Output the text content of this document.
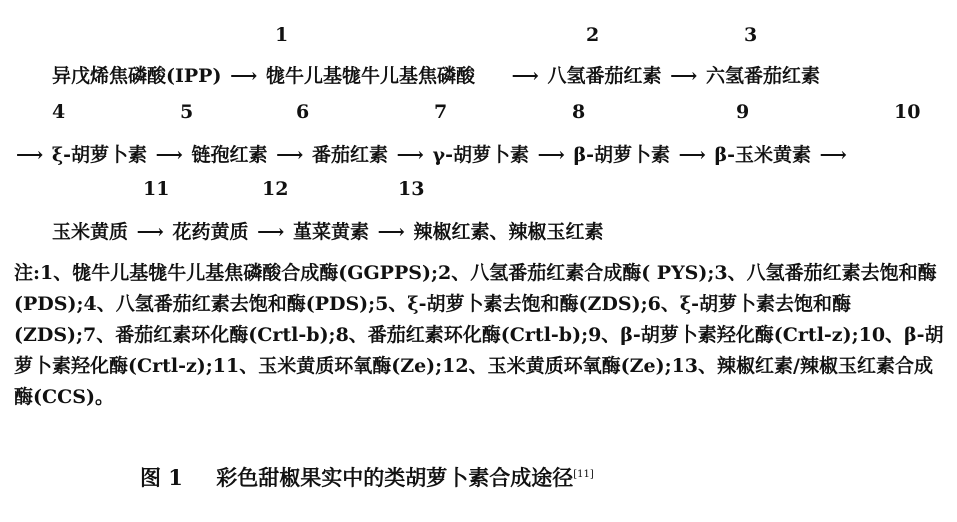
1	2	3
异戊烯焦磷酸(IPP) ⟶ 牻牛儿基牻牛儿基焦磷酸 ⟶ 八氢番茄红素 ⟶ 六氢番茄红素
4	5	6	7	8	9	10
⟶ ξ-胡萝卜素 ⟶ 链孢红素 ⟶ 番茄红素 ⟶ γ-胡萝卜素 ⟶ β-胡萝卜素 ⟶ β-玉米黄素 ⟶
11	12	13
玉米黄质 ⟶ 花药黄质 ⟶ 堇菜黄素 ⟶ 辣椒红素、辣椒玉红素
注:1、牻牛儿基牻牛儿基焦磷酸合成酶(GGPPS);2、八氢番茄红素合成酶( PYS);3、八氢番茄红素去饱和酶(PDS);4、八氢番茄红素去饱和酶(PDS);5、ξ-胡萝卜素去饱和酶(ZDS);6、ξ-胡萝卜素去饱和酶(ZDS);7、番茄红素环化酶(Crtl-b);8、番茄红素环化酶(Crtl-b);9、β-胡萝卜素羟化酶(Crtl-z);10、β-胡萝卜素羟化酶(Crtl-z);11、玉米黄质环氧酶(Ze);12、玉米黄质环氧酶(Ze);13、辣椒红素/辣椒玉红素合成酶(CCS)。
图 1 彩色甜椒果实中的类胡萝卜素合成途径[11]
